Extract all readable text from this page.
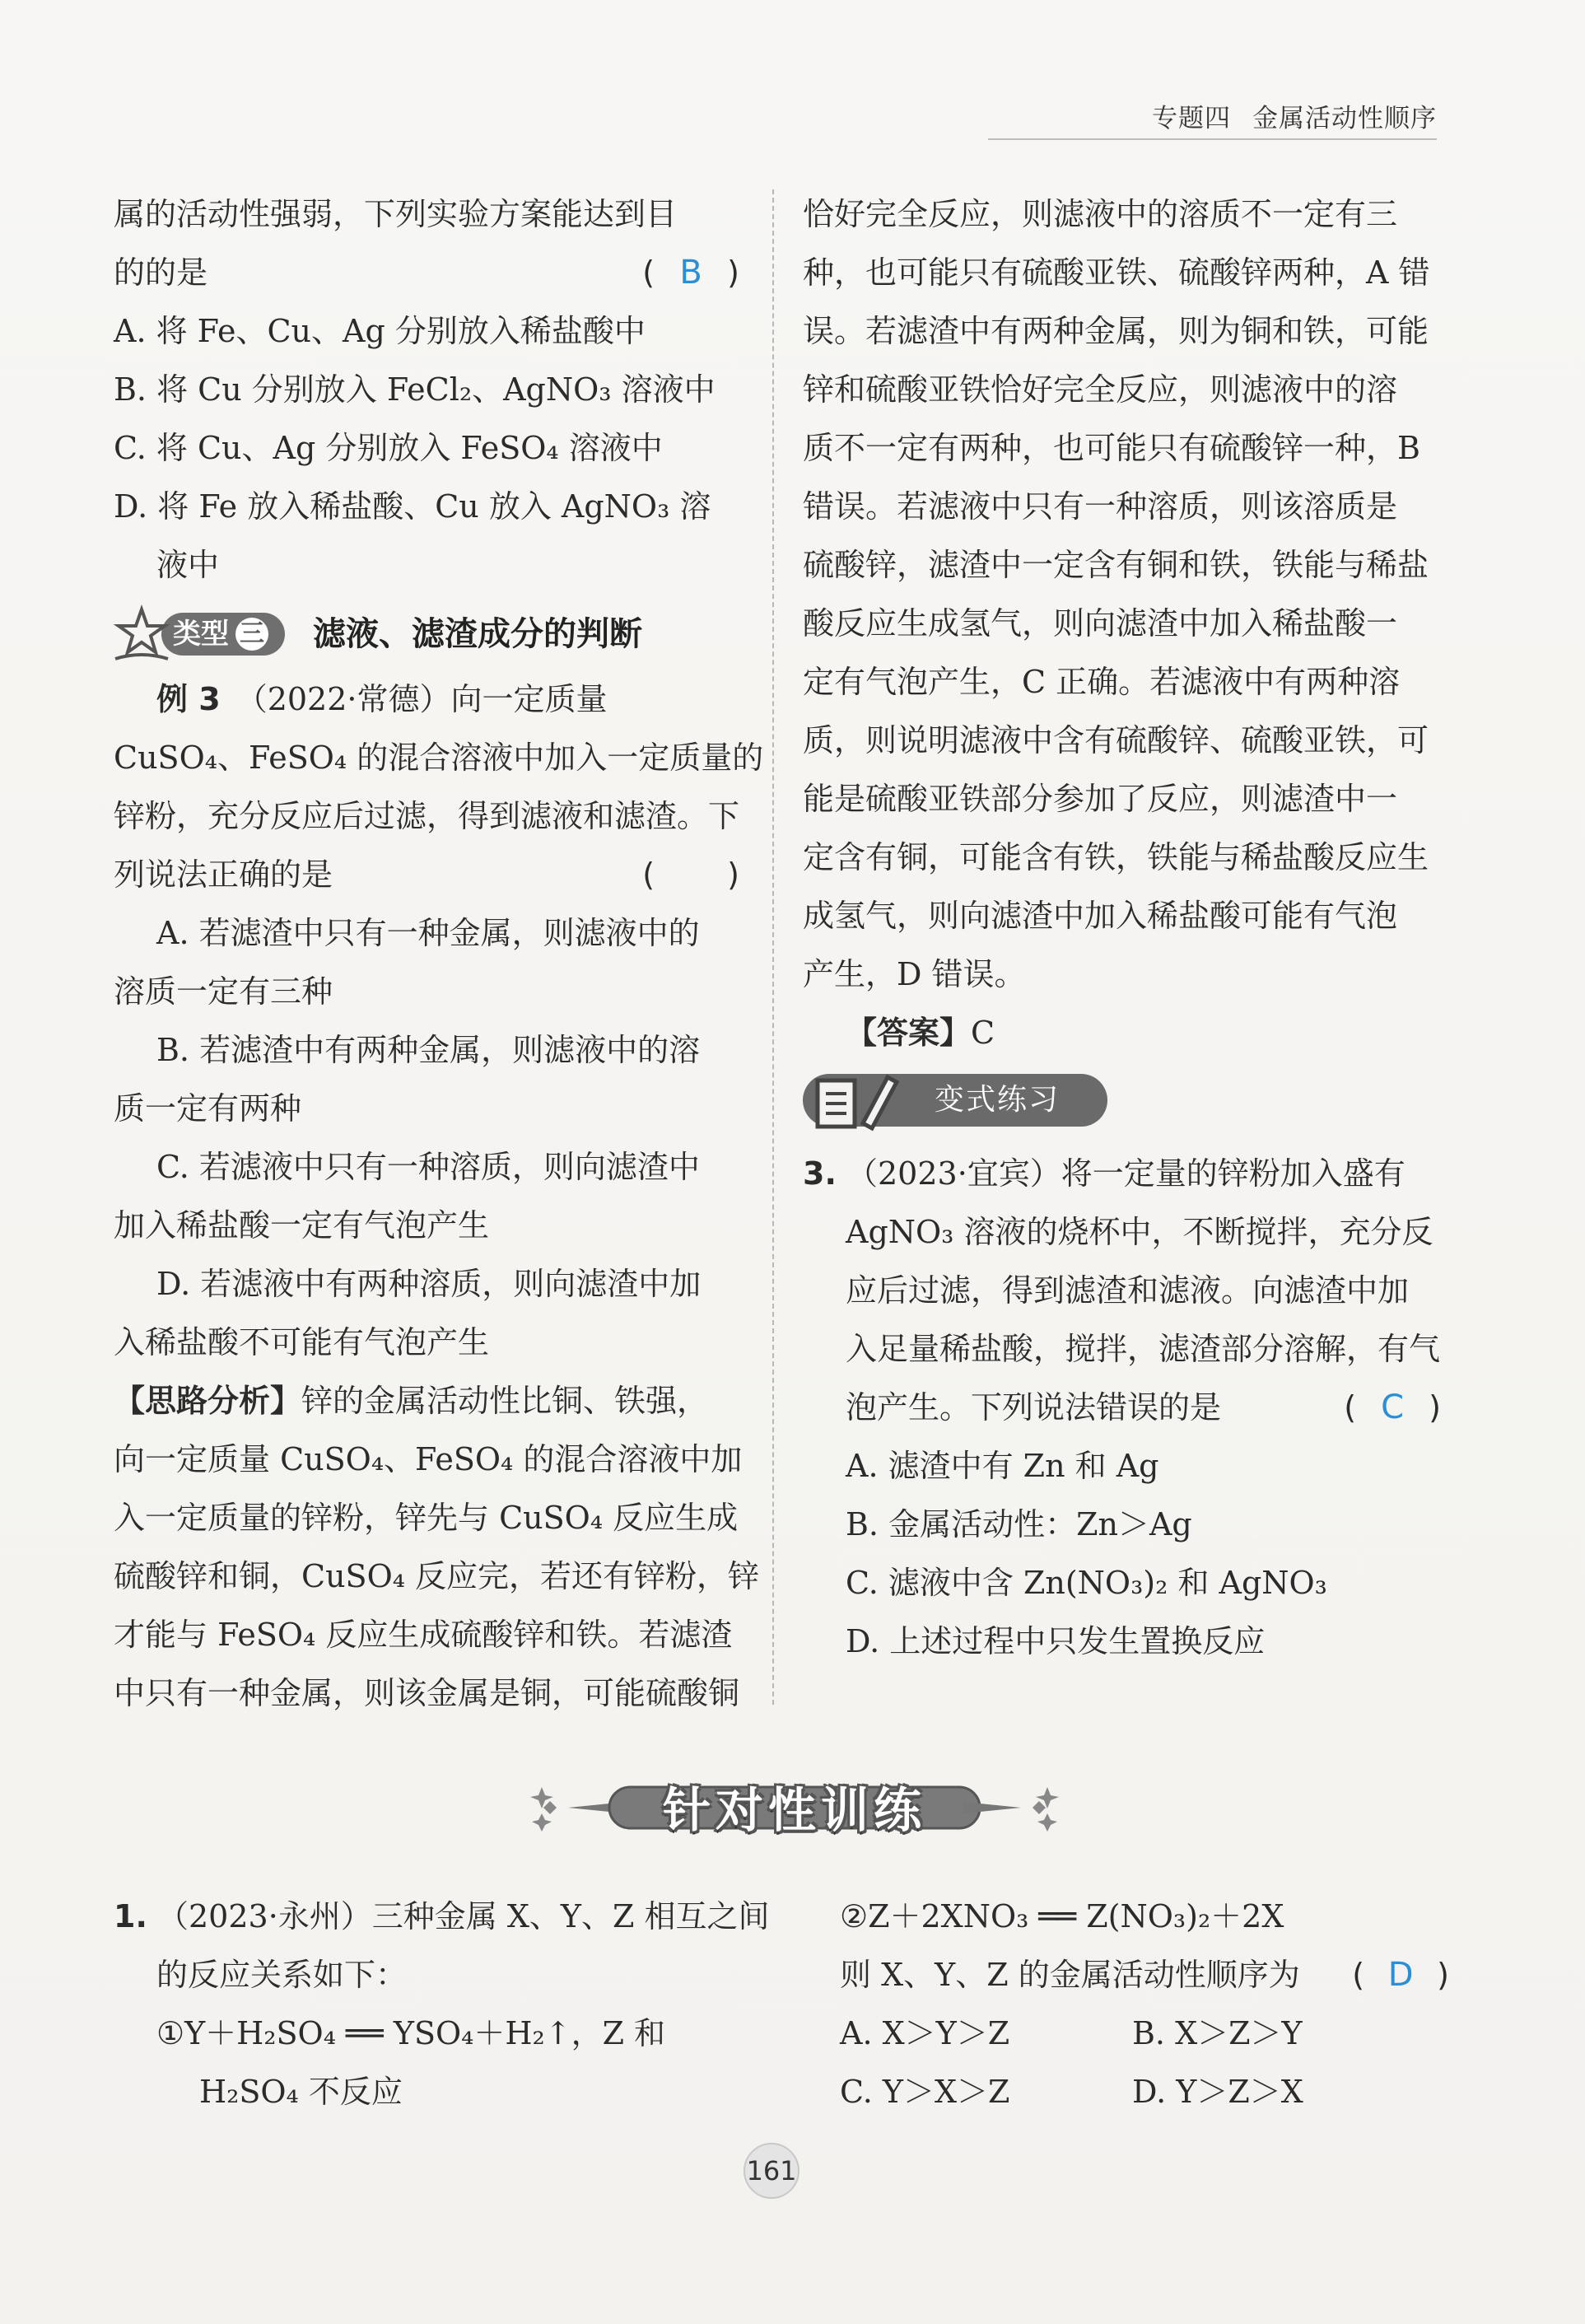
专题四 金属活动性顺序

属的活动性强弱，下列实验方案能达到目

的的是	( B )

A. 将 Fe、Cu、Ag 分别放入稀盐酸中

B. 将 Cu 分别放入 FeCl₂、AgNO₃ 溶液中

C. 将 Cu、Ag 分别放入 FeSO₄ 溶液中

D. 将 Fe 放入稀盐酸、Cu 放入 AgNO₃ 溶

液中

类型 三 滤液、滤渣成分的判断

例 3　 （2022·常德）向一定质量

CuSO₄、FeSO₄ 的混合溶液中加入一定质量的

锌粉，充分反应后过滤，得到滤液和滤渣。下

列说法正确的是	(  )

A. 若滤渣中只有一种金属，则滤液中的

溶质一定有三种

B. 若滤渣中有两种金属，则滤液中的溶

质一定有两种

C. 若滤液中只有一种溶质，则向滤渣中

加入稀盐酸一定有气泡产生

D. 若滤液中有两种溶质，则向滤渣中加

入稀盐酸不可能有气泡产生

【思路分析】锌的金属活动性比铜、铁强，

向一定质量 CuSO₄、FeSO₄ 的混合溶液中加

入一定质量的锌粉，锌先与 CuSO₄ 反应生成

硫酸锌和铜，CuSO₄ 反应完，若还有锌粉，锌

才能与 FeSO₄ 反应生成硫酸锌和铁。若滤渣

中只有一种金属，则该金属是铜，可能硫酸铜

恰好完全反应，则滤液中的溶质不一定有三

种，也可能只有硫酸亚铁、硫酸锌两种，A 错

误。若滤渣中有两种金属，则为铜和铁，可能

锌和硫酸亚铁恰好完全反应，则滤液中的溶

质不一定有两种，也可能只有硫酸锌一种，B

错误。若滤液中只有一种溶质，则该溶质是

硫酸锌，滤渣中一定含有铜和铁，铁能与稀盐

酸反应生成氢气，则向滤渣中加入稀盐酸一

定有气泡产生，C 正确。若滤液中有两种溶

质，则说明滤液中含有硫酸锌、硫酸亚铁，可

能是硫酸亚铁部分参加了反应，则滤渣中一

定含有铜，可能含有铁，铁能与稀盐酸反应生

成氢气，则向滤渣中加入稀盐酸可能有气泡

产生，D 错误。

【答案】C

变式练习

3. （2023·宜宾）将一定量的锌粉加入盛有

AgNO₃ 溶液的烧杯中，不断搅拌，充分反

应后过滤，得到滤渣和滤液。向滤渣中加

入足量稀盐酸，搅拌，滤渣部分溶解，有气

泡产生。下列说法错误的是	( C )

A. 滤渣中有 Zn 和 Ag

B. 金属活动性：Zn＞Ag

C. 滤液中含 Zn(NO₃)₂ 和 AgNO₃

D. 上述过程中只发生置换反应

针对性训练

1. （2023·永州）三种金属 X、Y、Z 相互之间

的反应关系如下：

①Y＋H₂SO₄ ══ YSO₄＋H₂↑，Z 和

H₂SO₄ 不反应

②Z＋2XNO₃ ══ Z(NO₃)₂＋2X

则 X、Y、Z 的金属活动性顺序为 ( D )

A. X＞Y＞Z	B. X＞Z＞Y
C. Y＞X＞Z	D. Y＞Z＞X
161
